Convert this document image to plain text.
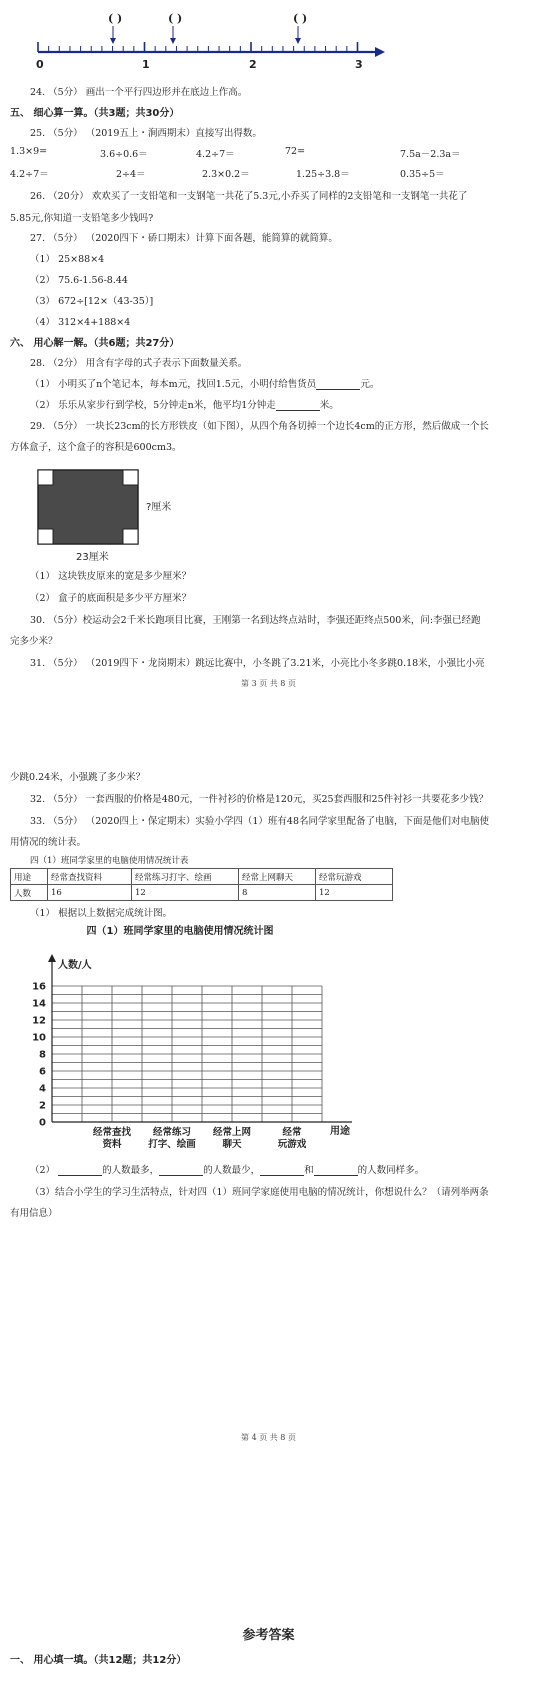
( )	( )	( )
0	1	2	3
24. （5分） 画出一个平行四边形并在底边上作高。
五、 细心算一算。（共3题；共30分）
25. （5分） （2019五上・涧西期末）直接写出得数。
1.3×9=	3.6÷0.6＝	4.2÷7＝	72=	7.5a－2.3a＝
4.2÷7＝	2÷4＝	2.3×0.2＝	1.25÷3.8＝	0.35÷5＝
26. （20分） 欢欢买了一支铅笔和一支钢笔一共花了5.3元,小乔买了同样的2支铅笔和一支钢笔一共花了
5.85元,你知道一支铅笔多少钱吗?
27. （5分） （2020四下・硚口期末）计算下面各题，能简算的就简算。
（1） 25×88×4
（2） 75.6-1.56-8.44
（3） 672÷[12×（43-35）]
（4） 312×4+188×4
六、 用心解一解。（共6题；共27分）
28. （2分） 用含有字母的式子表示下面数量关系。
（1） 小明买了n个笔记本，每本m元，找回1.5元，小明付给售货员	元。
（2） 乐乐从家步行到学校，5分钟走n米，他平均1分钟走	米。
29. （5分） 一块长23cm的长方形铁皮（如下图），从四个角各切掉一个边长4cm的正方形，然后做成一个长
方体盒子，这个盒子的容积是600cm3。
?厘米
23厘米
（1） 这块铁皮原来的宽是多少厘米？
（2） 盒子的底面积是多少平方厘米？
30. （5分）校运动会2千米长跑项目比赛，王刚第一名到达终点站时，李强还距终点500米，问:李强已经跑
完多少米？
31. （5分） （2019四下・龙岗期末）跳远比赛中，小冬跳了3.21米，小亮比小冬多跳0.18米，小强比小亮
第 3 页 共 8 页
少跳0.24米，小强跳了多少米？
32. （5分） 一套西服的价格是480元，一件衬衫的价格是120元，买25套西服和25件衬衫一共要花多少钱？
33. （5分） （2020四上・保定期末）实验小学四（1）班有48名同学家里配备了电脑，下面是他们对电脑使
用情况的统计表。
四（1）班同学家里的电脑使用情况统计表
用途	经常查找资料	经常练习打字、绘画	经常上网聊天	经常玩游戏
人数	16	12	8	12
（1） 根据以上数据完成统计图。
四（1）班同学家里的电脑使用情况统计图
人数/人
用途
0
2
4
6
8
10
12
14
16
经常查找
资料
经常练习
打字、绘画
经常上网
聊天
经常
玩游戏
（2）	的人数最多，	的人数最少，	和	的人数同样多。
（3）结合小学生的学习生活特点，针对四（1）班同学家庭使用电脑的情况统计，你想说什么？（请列举两条
有用信息）
第 4 页 共 8 页
参考答案
一、 用心填一填。（共12题；共12分）
